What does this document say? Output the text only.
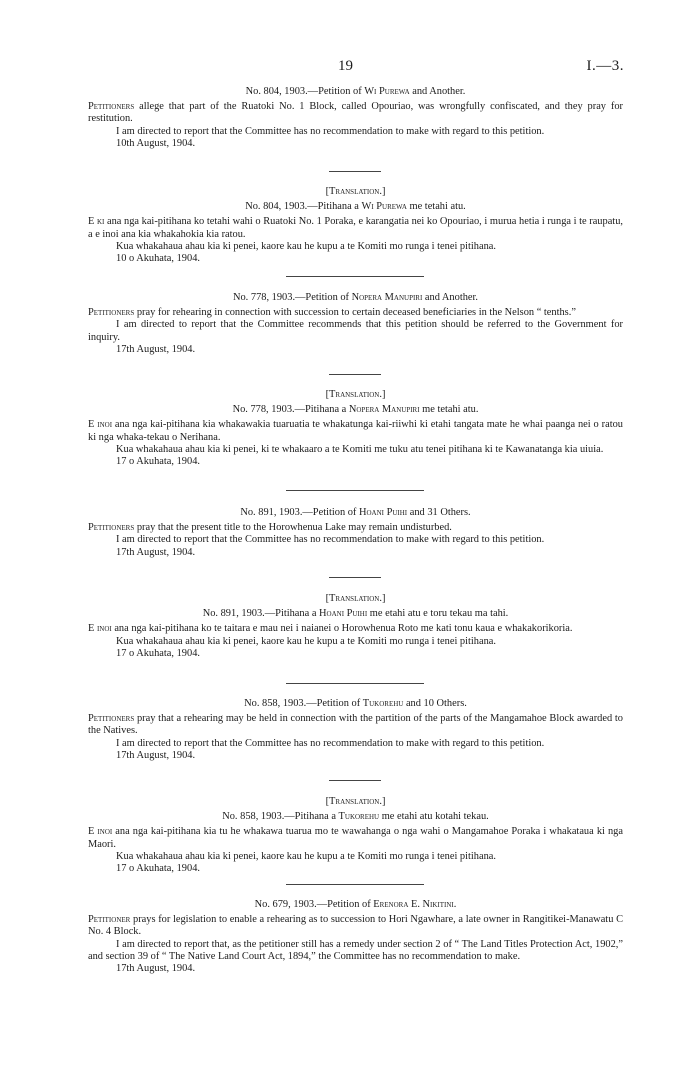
19	I.—3.
No. 804, 1903.—Petition of Wi Purewa and Another.

Petitioners allege that part of the Ruatoki No. 1 Block, called Opouriao, was wrongfully confiscated, and they pray for restitution.

I am directed to report that the Committee has no recommendation to make with regard to this petition.

10th August, 1904.

[Translation.]
No. 804, 1903.—Pitihana a Wi Purewa me tetahi atu.

E ki ana nga kai-pitihana ko tetahi wahi o Ruatoki No. 1 Poraka, e karangatia nei ko Opouriao, i murua hetia i runga i te raupatu, a e inoi ana kia whakahokia kia ratou.

Kua whakahaua ahau kia ki penei, kaore kau he kupu a te Komiti mo runga i tenei pitihana.

10 o Akuhata, 1904.

No. 778, 1903.—Petition of Nopera Manupiri and Another.

Petitioners pray for rehearing in connection with succession to certain deceased beneficiaries in the Nelson “ tenths.”

I am directed to report that the Committee recommends that this petition should be referred to the Government for inquiry.

17th August, 1904.

[Translation.]
No. 778, 1903.—Pitihana a Nopera Manupiri me tetahi atu.

E inoi ana nga kai-pitihana kia whakawakia tuaruatia te whakatunga kai-riiwhi ki etahi tangata mate he whai paanga nei o ratou ki nga whaka-tekau o Nerihana.

Kua whakahaua ahau kia ki penei, ki te whakaaro a te Komiti me tuku atu tenei pitihana ki te Kawanatanga kia uiuia.

17 o Akuhata, 1904.

No. 891, 1903.—Petition of Hoani Puihi and 31 Others.

Petitioners pray that the present title to the Horowhenua Lake may remain undisturbed.

I am directed to report that the Committee has no recommendation to make with regard to this petition.

17th August, 1904.

[Translation.]
No. 891, 1903.—Pitihana a Hoani Puihi me etahi atu e toru tekau ma tahi.

E inoi ana nga kai-pitihana ko te taitara e mau nei i naianei o Horowhenua Roto me kati tonu kaua e whakakorikoria.

Kua whakahaua ahau kia ki penei, kaore kau he kupu a te Komiti mo runga i tenei pitihana.

17 o Akuhata, 1904.

No. 858, 1903.—Petition of Tukorehu and 10 Others.

Petitioners pray that a rehearing may be held in connection with the partition of the parts of the Mangamahoe Block awarded to the Natives.

I am directed to report that the Committee has no recommendation to make with regard to this petition.

17th August, 1904.

[Translation.]
No. 858, 1903.—Pitihana a Tukorehu me etahi atu kotahi tekau.

E inoi ana nga kai-pitihana kia tu he whakawa tuarua mo te wawahanga o nga wahi o Mangamahoe Poraka i whakataua ki nga Maori.

Kua whakahaua ahau kia ki penei, kaore kau he kupu a te Komiti mo runga i tenei pitihana.

17 o Akuhata, 1904.

No. 679, 1903.—Petition of Erenora E. Nikitini.

Petitioner prays for legislation to enable a rehearing as to succession to Hori Ngawhare, a late owner in Rangitikei-Manawatu C No. 4 Block.

I am directed to report that, as the petitioner still has a remedy under section 2 of “ The Land Titles Protection Act, 1902,” and section 39 of “ The Native Land Court Act, 1894,” the Committee has no recommendation to make.

17th August, 1904.
